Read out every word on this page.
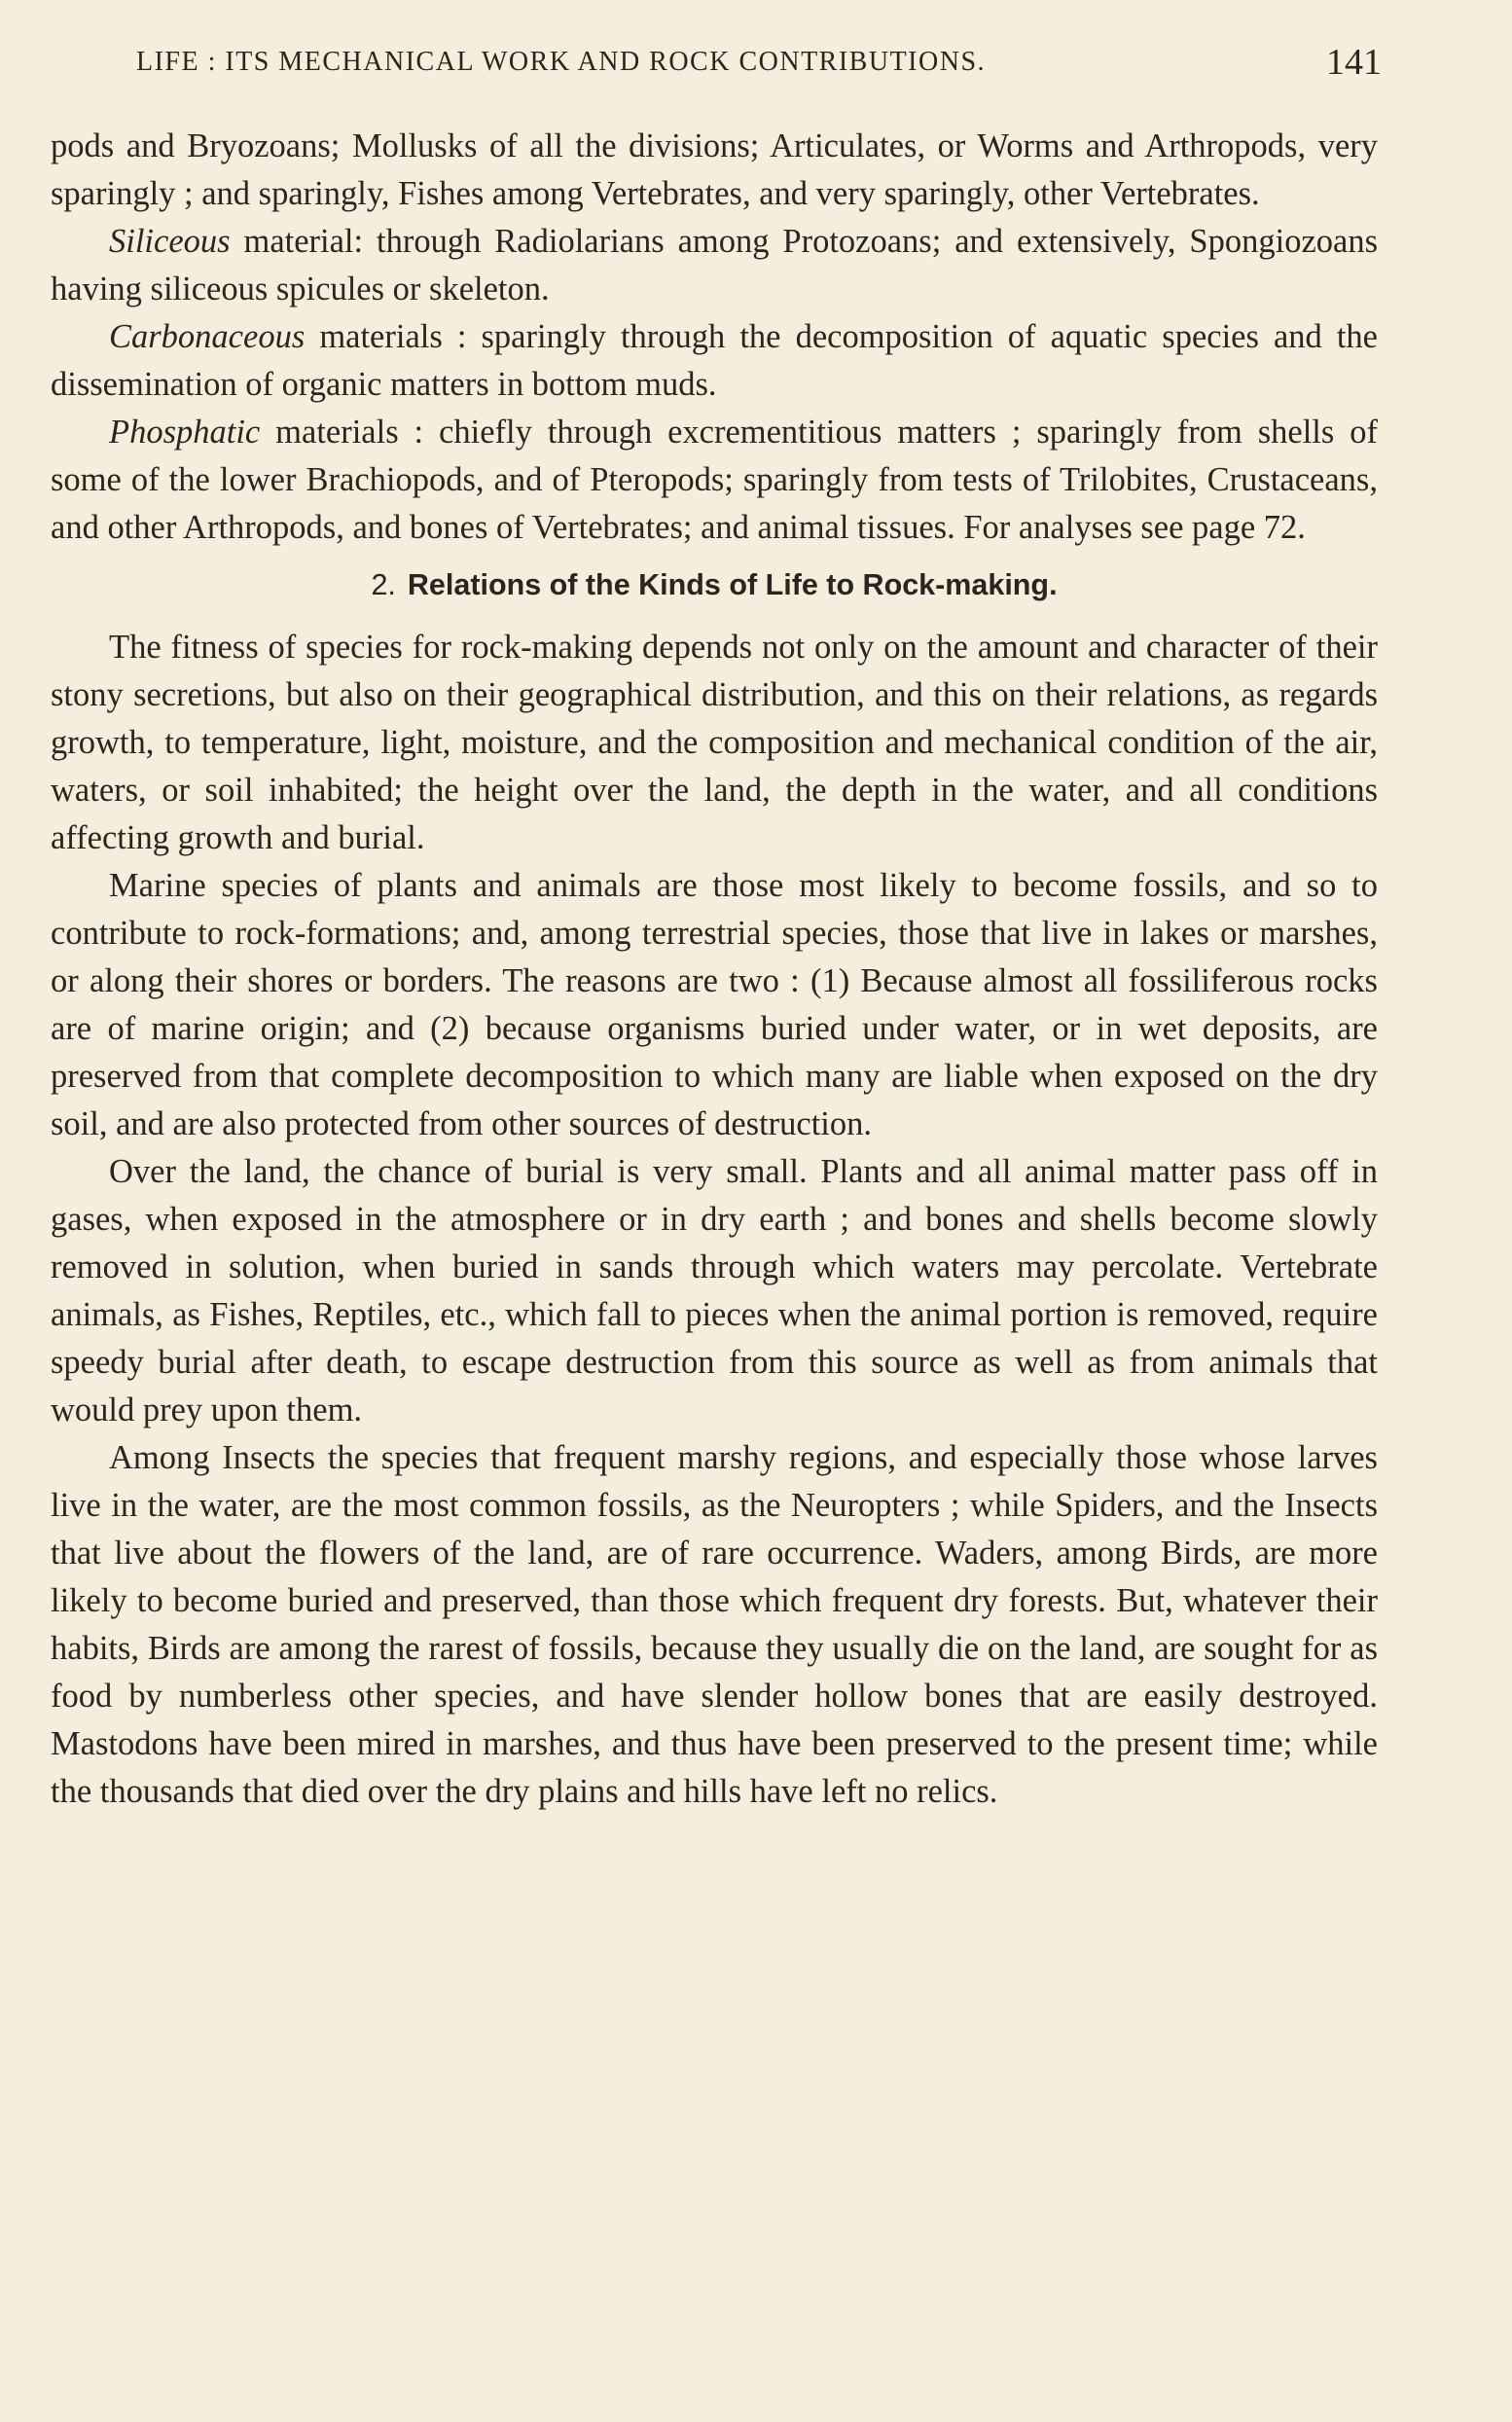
LIFE : ITS MECHANICAL WORK AND ROCK CONTRIBUTIONS.	141

pods and Bryozoans; Mollusks of all the divisions; Articulates, or Worms and Arthropods, very sparingly ; and sparingly, Fishes among Vertebrates, and very sparingly, other Vertebrates.

Siliceous material: through Radiolarians among Protozoans; and extensively, Spongiozoans having siliceous spicules or skeleton.

Carbonaceous materials : sparingly through the decomposition of aquatic species and the dissemination of organic matters in bottom muds.

Phosphatic materials : chiefly through excrementitious matters ; sparingly from shells of some of the lower Brachiopods, and of Pteropods; sparingly from tests of Trilobites, Crustaceans, and other Arthropods, and bones of Vertebrates; and animal tissues. For analyses see page 72.

2. Relations of the Kinds of Life to Rock-making.

The fitness of species for rock-making depends not only on the amount and character of their stony secretions, but also on their geographical distribution, and this on their relations, as regards growth, to temperature, light, moisture, and the composition and mechanical condition of the air, waters, or soil inhabited; the height over the land, the depth in the water, and all conditions affecting growth and burial.

Marine species of plants and animals are those most likely to become fossils, and so to contribute to rock-formations; and, among terrestrial species, those that live in lakes or marshes, or along their shores or borders. The reasons are two : (1) Because almost all fossiliferous rocks are of marine origin; and (2) because organisms buried under water, or in wet deposits, are preserved from that complete decomposition to which many are liable when exposed on the dry soil, and are also protected from other sources of destruction.

Over the land, the chance of burial is very small. Plants and all animal matter pass off in gases, when exposed in the atmosphere or in dry earth ; and bones and shells become slowly removed in solution, when buried in sands through which waters may percolate. Vertebrate animals, as Fishes, Reptiles, etc., which fall to pieces when the animal portion is removed, require speedy burial after death, to escape destruction from this source as well as from animals that would prey upon them.

Among Insects the species that frequent marshy regions, and especially those whose larves live in the water, are the most common fossils, as the Neuropters ; while Spiders, and the Insects that live about the flowers of the land, are of rare occurrence. Waders, among Birds, are more likely to become buried and preserved, than those which frequent dry forests. But, whatever their habits, Birds are among the rarest of fossils, because they usually die on the land, are sought for as food by numberless other species, and have slender hollow bones that are easily destroyed. Mastodons have been mired in marshes, and thus have been preserved to the present time; while the thousands that died over the dry plains and hills have left no relics.
